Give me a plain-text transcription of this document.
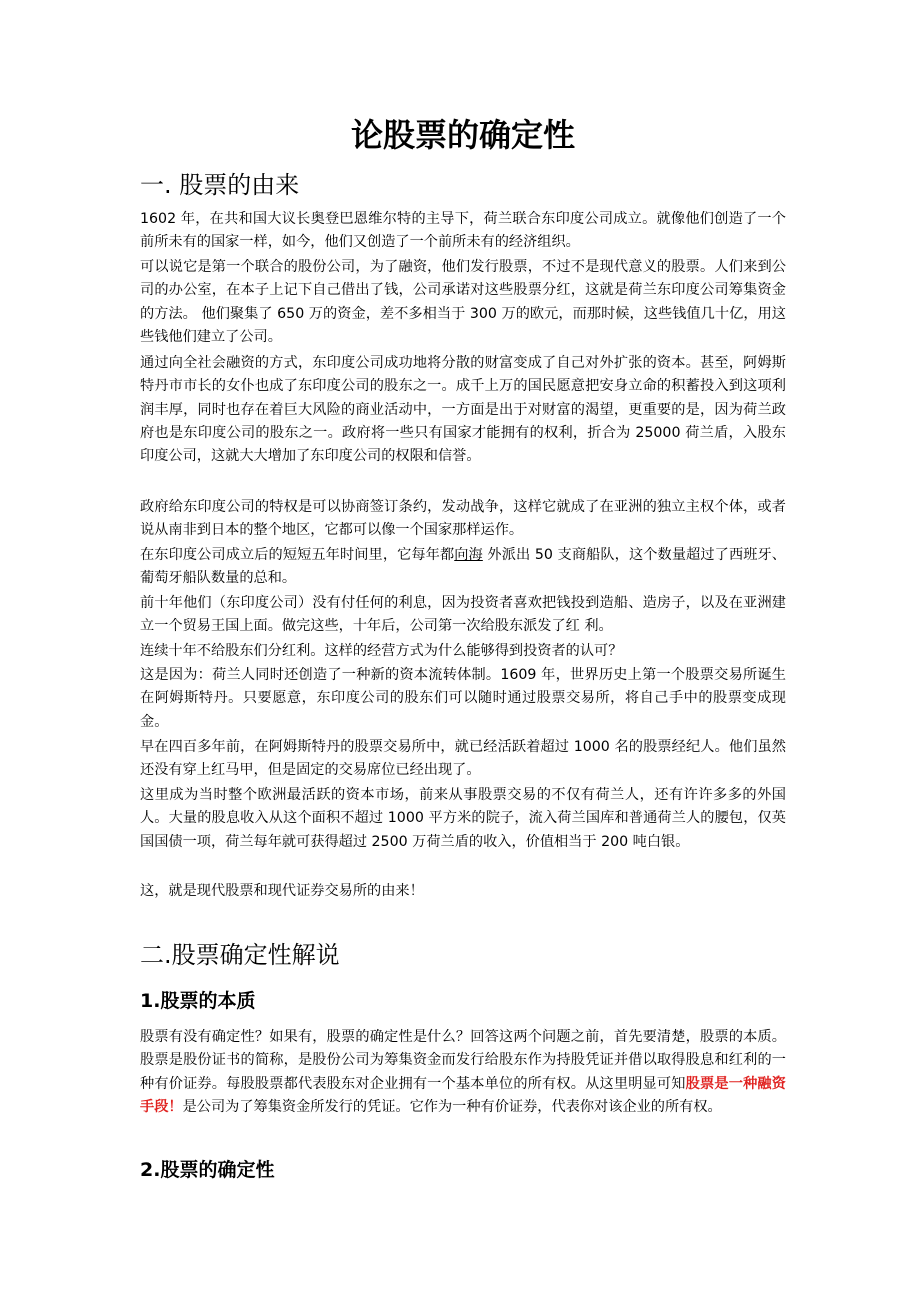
论股票的确定性
一. 股票的由来

1602 年，在共和国大议长奥登巴恩维尔特的主导下，荷兰联合东印度公司成立。就像他们创造了一个前所未有的国家一样，如今，他们又创造了一个前所未有的经济组织。

可以说它是第一个联合的股份公司，为了融资，他们发行股票，不过不是现代意义的股票。人们来到公司的办公室，在本子上记下自己借出了钱，公司承诺对这些股票分红，这就是荷兰东印度公司筹集资金的方法。 他们聚集了 650 万的资金，差不多相当于 300 万的欧元，而那时候，这些钱值几十亿，用这些钱他们建立了公司。

通过向全社会融资的方式，东印度公司成功地将分散的财富变成了自己对外扩张的资本。甚至，阿姆斯特丹市市长的女仆也成了东印度公司的股东之一。成千上万的国民愿意把安身立命的积蓄投入到这项利润丰厚，同时也存在着巨大风险的商业活动中，一方面是出于对财富的渴望，更重要的是，因为荷兰政府也是东印度公司的股东之一。政府将一些只有国家才能拥有的权利，折合为 25000 荷兰盾，入股东印度公司，这就大大增加了东印度公司的权限和信誉。

政府给东印度公司的特权是可以协商签订条约，发动战争，这样它就成了在亚洲的独立主权个体，或者说从南非到日本的整个地区，它都可以像一个国家那样运作。

在东印度公司成立后的短短五年时间里，它每年都向海 外派出 50 支商船队，这个数量超过了西班牙、葡萄牙船队数量的总和。

前十年他们（东印度公司）没有付任何的利息，因为投资者喜欢把钱投到造船、造房子，以及在亚洲建立一个贸易王国上面。做完这些，十年后，公司第一次给股东派发了红 利。

连续十年不给股东们分红利。这样的经营方式为什么能够得到投资者的认可？

这是因为：荷兰人同时还创造了一种新的资本流转体制。1609 年，世界历史上第一个股票交易所诞生在阿姆斯特丹。只要愿意，东印度公司的股东们可以随时通过股票交易所，将自己手中的股票变成现金。

早在四百多年前，在阿姆斯特丹的股票交易所中，就已经活跃着超过 1000 名的股票经纪人。他们虽然还没有穿上红马甲，但是固定的交易席位已经出现了。

这里成为当时整个欧洲最活跃的资本市场，前来从事股票交易的不仅有荷兰人，还有许许多多的外国人。大量的股息收入从这个面积不超过 1000 平方米的院子，流入荷兰国库和普通荷兰人的腰包，仅英国国债一项，荷兰每年就可获得超过 2500 万荷兰盾的收入，价值相当于 200 吨白银。

这，就是现代股票和现代证券交易所的由来！

二.股票确定性解说
1.股票的本质

股票有没有确定性？如果有，股票的确定性是什么？回答这两个问题之前，首先要清楚，股票的本质。股票是股份证书的简称，是股份公司为筹集资金而发行给股东作为持股凭证并借以取得股息和红利的一种有价证券。每股股票都代表股东对企业拥有一个基本单位的所有权。从这里明显可知股票是一种融资手段！是公司为了筹集资金所发行的凭证。它作为一种有价证券，代表你对该企业的所有权。

2.股票的确定性
